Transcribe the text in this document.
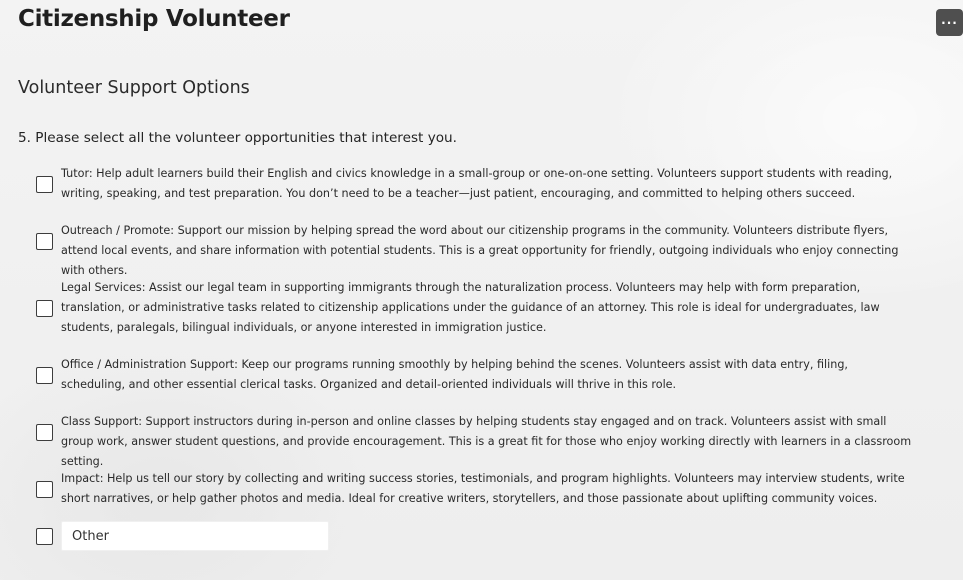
Citizenship Volunteer	···
Volunteer Support Options
5. Please select all the volunteer opportunities that interest you.
Tutor: Help adult learners build their English and civics knowledge in a small-group or one-on-one setting. Volunteers support students with reading, writing, speaking, and test preparation. You don’t need to be a teacher—just patient, encouraging, and committed to helping others succeed.
Outreach / Promote: Support our mission by helping spread the word about our citizenship programs in the community. Volunteers distribute flyers, attend local events, and share information with potential students. This is a great opportunity for friendly, outgoing individuals who enjoy connecting with others.
Legal Services: Assist our legal team in supporting immigrants through the naturalization process. Volunteers may help with form preparation, translation, or administrative tasks related to citizenship applications under the guidance of an attorney. This role is ideal for undergraduates, law students, paralegals, bilingual individuals, or anyone interested in immigration justice.
Office / Administration Support: Keep our programs running smoothly by helping behind the scenes. Volunteers assist with data entry, filing, scheduling, and other essential clerical tasks. Organized and detail-oriented individuals will thrive in this role.
Class Support: Support instructors during in-person and online classes by helping students stay engaged and on track. Volunteers assist with small group work, answer student questions, and provide encouragement. This is a great fit for those who enjoy working directly with learners in a classroom setting.
Impact: Help us tell our story by collecting and writing success stories, testimonials, and program highlights. Volunteers may interview students, write short narratives, or help gather photos and media. Ideal for creative writers, storytellers, and those passionate about uplifting community voices.
Other
